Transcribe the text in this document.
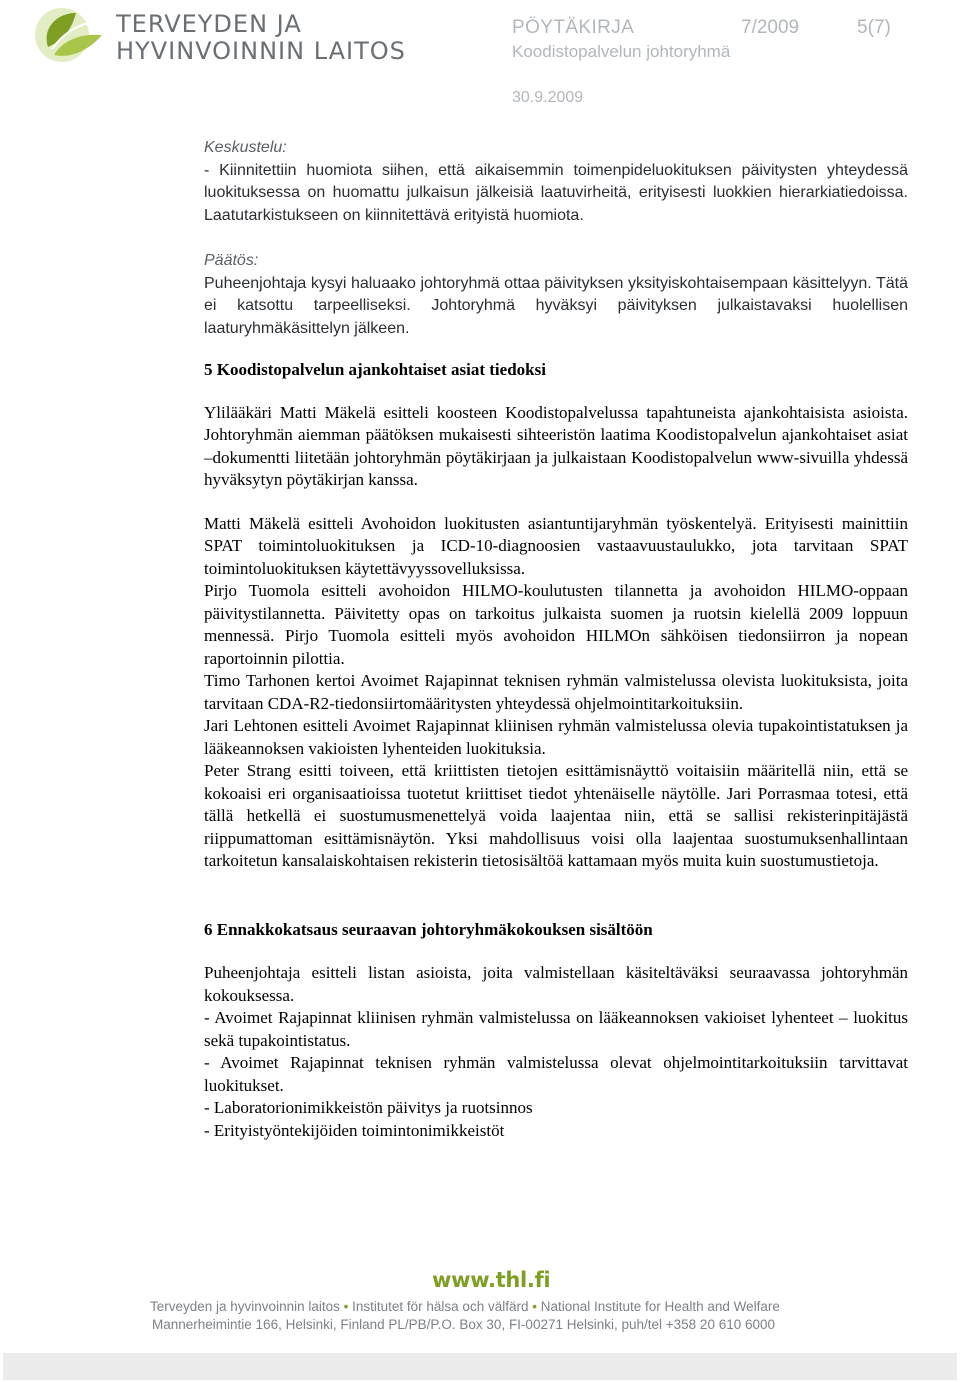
TERVEYDEN JA
HYVINVOINNIN LAITOS
PÖYTÄKIRJA	7/2009	5(7)
Koodistopalvelun johtoryhmä
30.9.2009

Keskustelu:

- Kiinnitettiin huomiota siihen, että aikaisemmin toimenpideluokituksen päivitysten yhteydessä luokituksessa on huomattu julkaisun jälkeisiä laatuvirheitä, erityisesti luokkien hierarkiatiedoissa. Laatutarkistukseen on kiinnitettävä erityistä huomiota.

Päätös:

Puheenjohtaja kysyi haluaako johtoryhmä ottaa päivityksen yksityiskohtaisempaan käsittelyyn. Tätä ei katsottu tarpeelliseksi. Johtoryhmä hyväksyi päivityksen julkaistavaksi huolellisen laaturyhmäkäsittelyn jälkeen.

5 Koodistopalvelun ajankohtaiset asiat tiedoksi

Ylilääkäri Matti Mäkelä esitteli koosteen Koodistopalvelussa tapahtuneista ajankohtaisista asioista. Johtoryhmän aiemman päätöksen mukaisesti sihteeristön laatima Koodistopalvelun ajankohtaiset asiat –dokumentti liitetään johtoryhmän pöytäkirjaan ja julkaistaan Koodistopalvelun www-sivuilla yhdessä hyväksytyn pöytäkirjan kanssa.

Matti Mäkelä esitteli Avohoidon luokitusten asiantuntijaryhmän työskentelyä. Erityisesti mainittiin SPAT toimintoluokituksen ja ICD-10-diagnoosien vastaavuustaulukko, jota tarvitaan SPAT toimintoluokituksen käytettävyyssovelluksissa.

Pirjo Tuomola esitteli avohoidon HILMO-koulutusten tilannetta ja avohoidon HILMO-oppaan päivitystilannetta. Päivitetty opas on tarkoitus julkaista suomen ja ruotsin kielellä 2009 loppuun mennessä. Pirjo Tuomola esitteli myös avohoidon HILMOn sähköisen tiedonsiirron ja nopean raportoinnin pilottia.

Timo Tarhonen kertoi Avoimet Rajapinnat teknisen ryhmän valmistelussa olevista luokituksista, joita tarvitaan CDA-R2-tiedonsiirtomääritysten yhteydessä ohjelmointitarkoituksiin.

Jari Lehtonen esitteli Avoimet Rajapinnat kliinisen ryhmän valmistelussa olevia tupakointistatuksen ja lääkeannoksen vakioisten lyhenteiden luokituksia.

Peter Strang esitti toiveen, että kriittisten tietojen esittämisnäyttö voitaisiin määritellä niin, että se kokoaisi eri organisaatioissa tuotetut kriittiset tiedot yhtenäiselle näytölle. Jari Porrasmaa totesi, että tällä hetkellä ei suostumusmenettelyä voida laajentaa niin, että se sallisi rekisterinpitäjästä riippumattoman esittämisnäytön. Yksi mahdollisuus voisi olla laajentaa suostumuksenhallintaan tarkoitetun kansalaiskohtaisen rekisterin tietosisältöä kattamaan myös muita kuin suostumustietoja.

6 Ennakkokatsaus seuraavan johtoryhmäkokouksen sisältöön

Puheenjohtaja esitteli listan asioista, joita valmistellaan käsiteltäväksi seuraavassa johtoryhmän kokouksessa.

- Avoimet Rajapinnat kliinisen ryhmän valmistelussa on lääkeannoksen vakioiset lyhenteet – luokitus sekä tupakointistatus.

- Avoimet Rajapinnat teknisen ryhmän valmistelussa olevat ohjelmointitarkoituksiin tarvittavat luokitukset.

- Laboratorionimikkeistön päivitys ja ruotsinnos

- Erityistyöntekijöiden toimintonimikkeistöt

www.thl.fi
Terveyden ja hyvinvoinnin laitos • Institutet för hälsa och välfärd • National Institute for Health and Welfare
Mannerheimintie 166, Helsinki, Finland PL/PB/P.O. Box 30, FI-00271 Helsinki, puh/tel +358 20 610 6000
